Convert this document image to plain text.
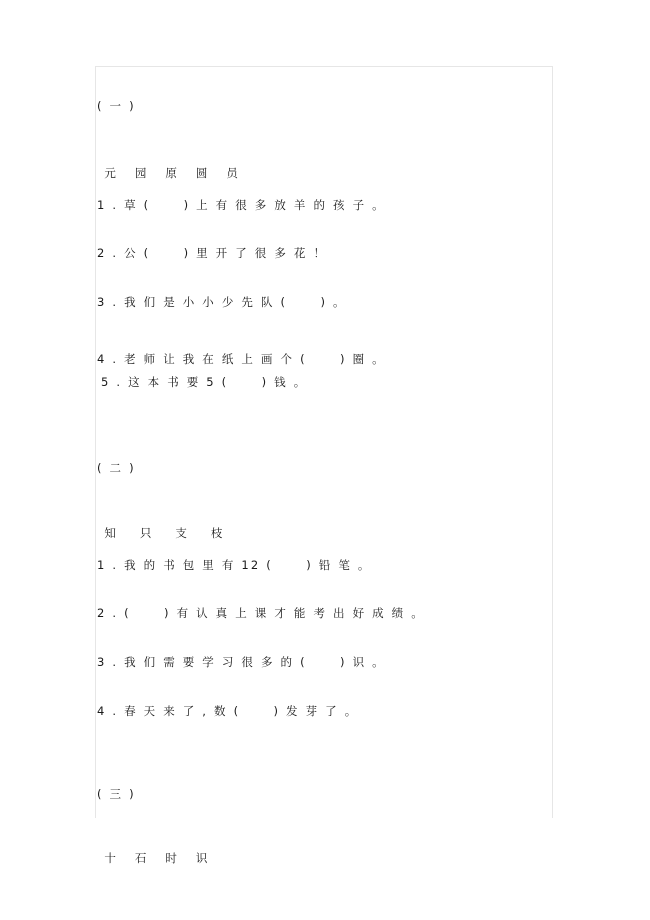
( 一 )

元 园 原 圆 员

1 . 草 (　　 ) 上 有 很 多 放 羊 的 孩 子 。
2 . 公 (　　 ) 里 开 了 很 多 花 ！
3 . 我 们 是 小 小 少 先 队 (　　 ) 。
4 . 老 师 让 我 在 纸 上 画 个 (　　 ) 圈 。
5 . 这 本 书 要 5 (　　 ) 钱 。
( 二 )

知 只 支 枝

1 . 我 的 书 包 里 有 12 (　　 ) 铅 笔 。
2 . (　　 ) 有 认 真 上 课 才 能 考 出 好 成 绩 。
3 . 我 们 需 要 学 习 很 多 的 (　　 ) 识 。
4 . 春 天 来 了 , 数 (　　 ) 发 芽 了 。
( 三 )

十 石 时 识
